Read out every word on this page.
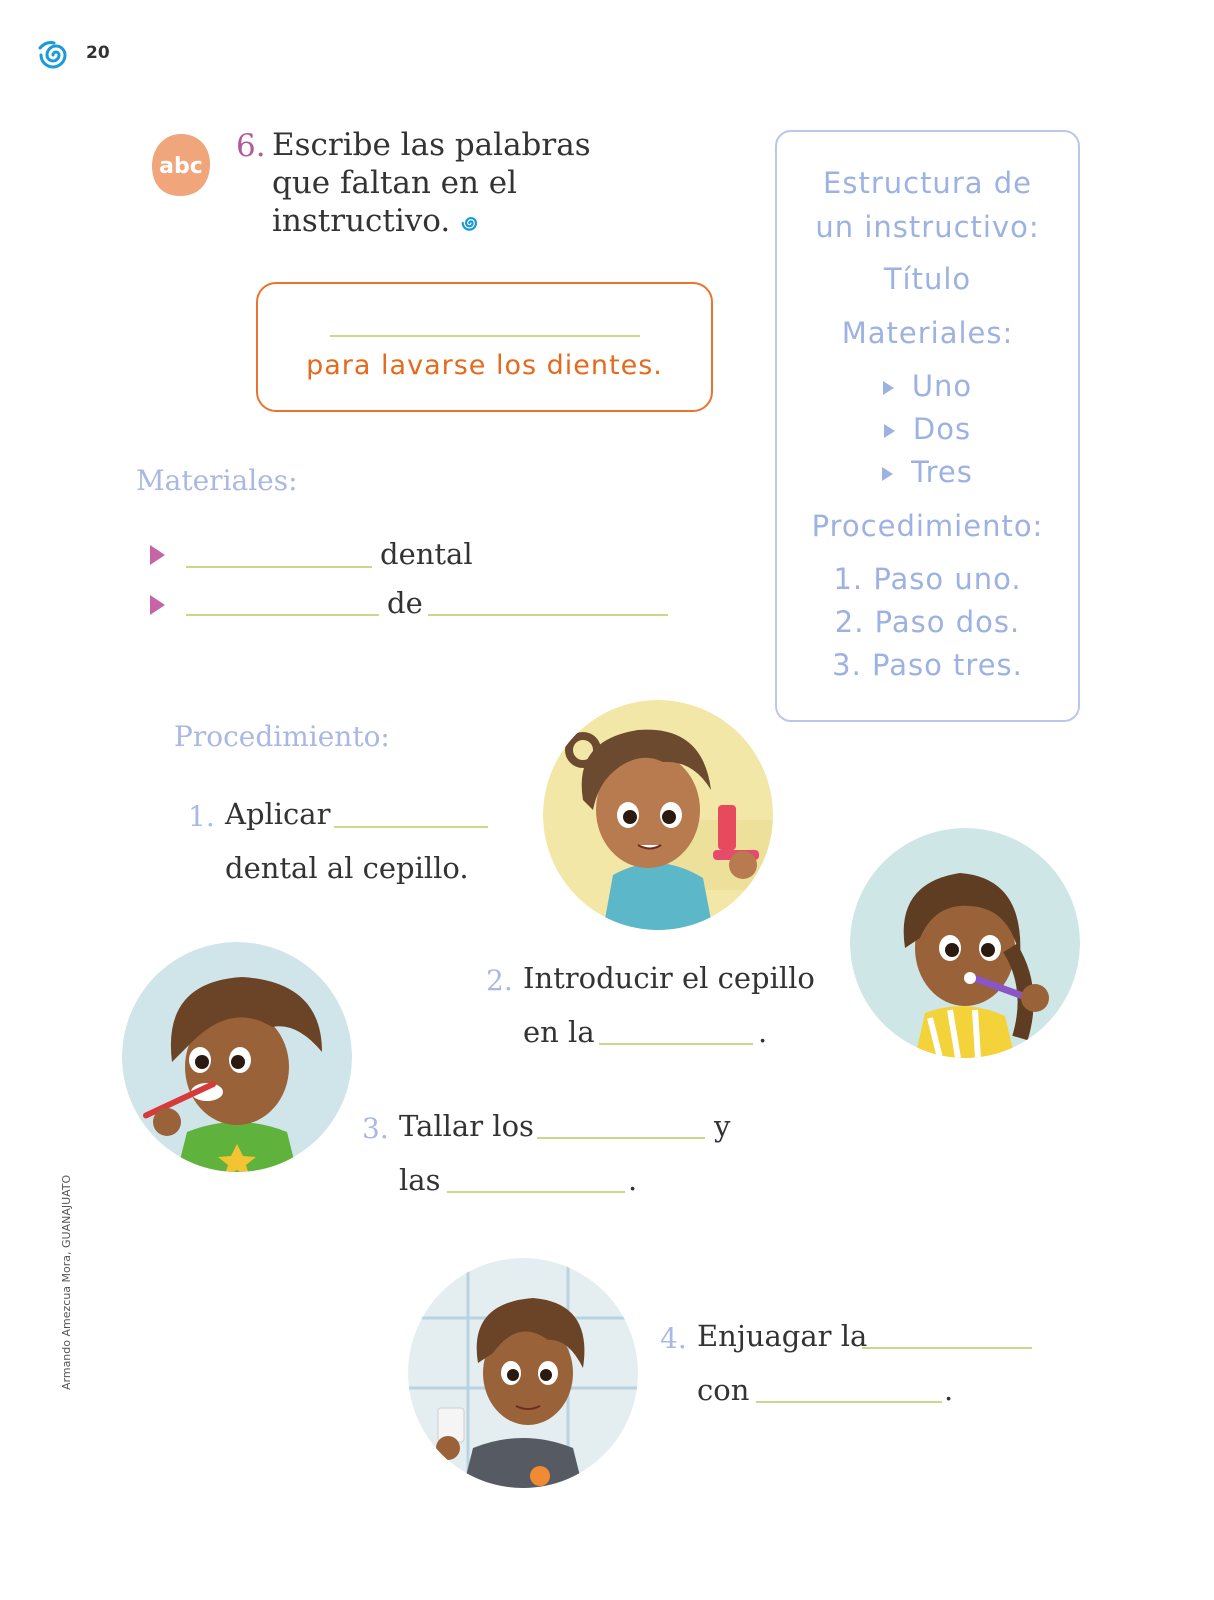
20
abc
6. Escribe las palabras
que faltan en el
instructivo.
para lavarse los dientes.
Estructura de
un instructivo:
Título
Materiales:
Uno
Dos
Tres
Procedimiento:
1. Paso uno.
2. Paso dos.
3. Paso tres.
Materiales:
dental
de
Procedimiento:
1. Aplicar
dental al cepillo.
2. Introducir el cepillo
en la	.
3. Tallar los	y
las	.
4. Enjuagar la
con	.
Armando Amezcua Mora, GUANAJUATO
